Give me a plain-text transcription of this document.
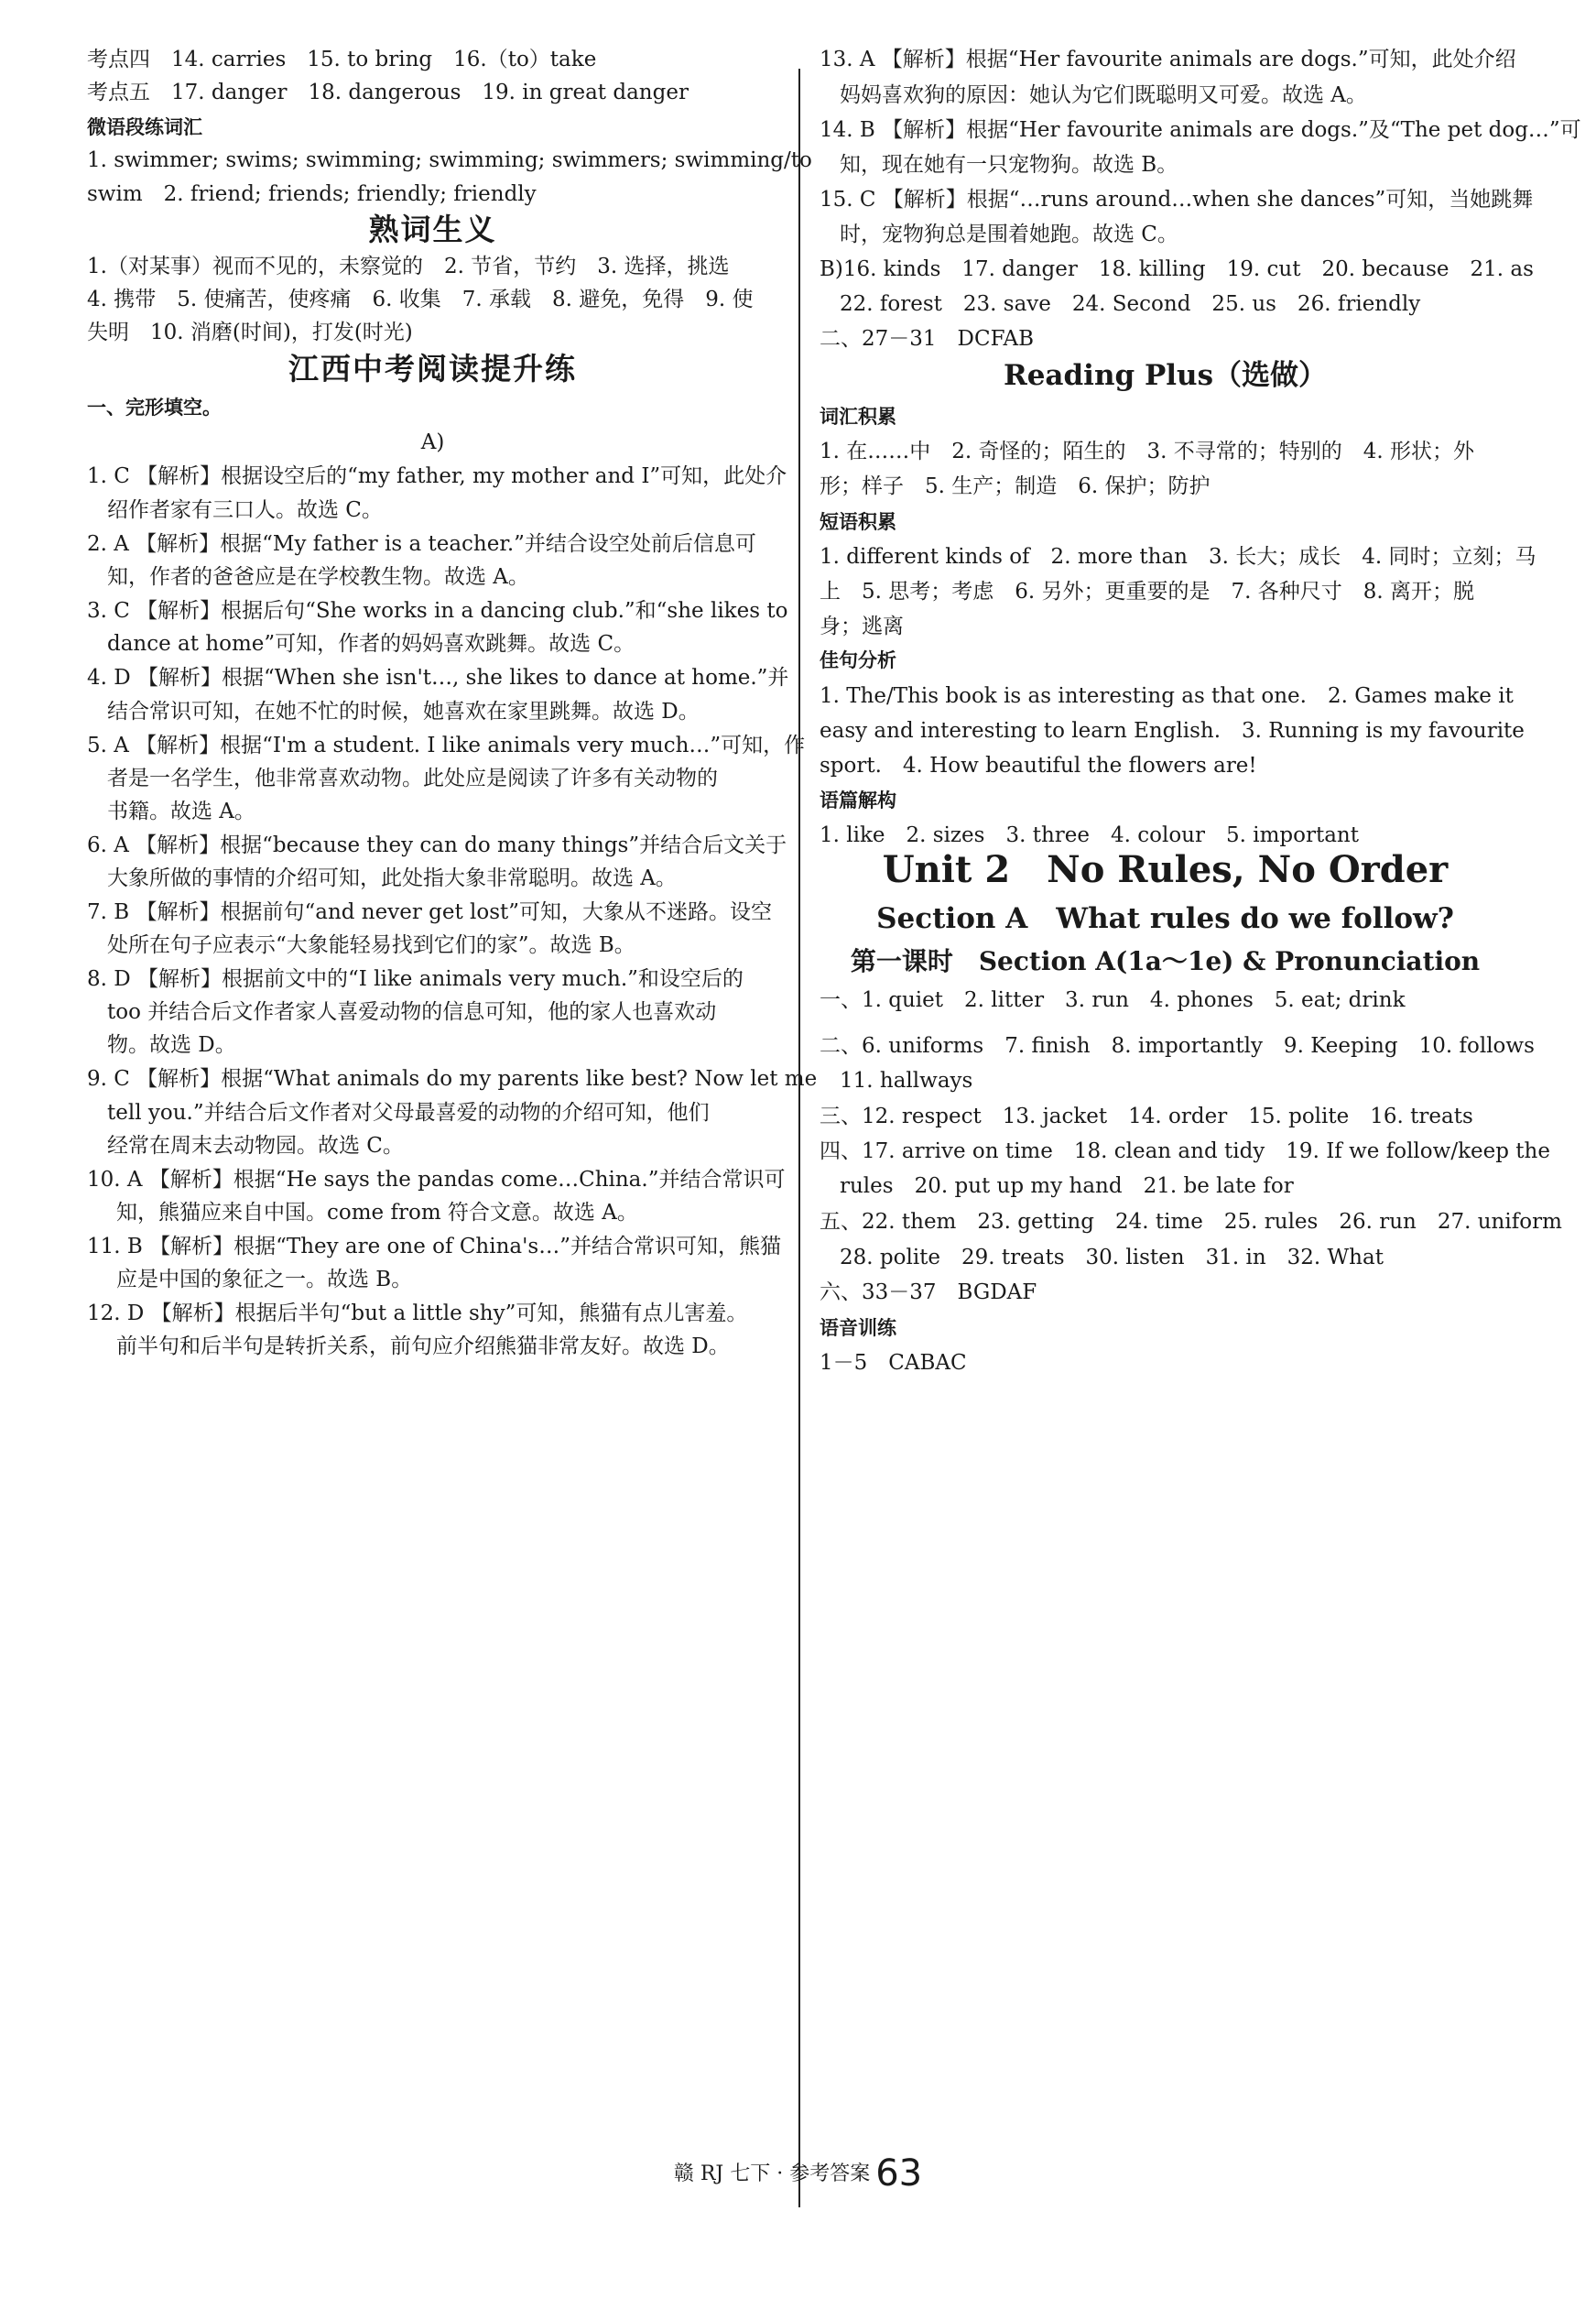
考点四　14. carries　15. to bring　16.（to）take
考点五　17. danger　18. dangerous　19. in great danger
微语段练词汇
1. swimmer; swims; swimming; swimming; swimmers; swimming/to
swim　2. friend; friends; friendly; friendly
熟词生义
1.（对某事）视而不见的，未察觉的　2. 节省，节约　3. 选择，挑选
4. 携带　5. 使痛苦，使疼痛　6. 收集　7. 承载　8. 避免，免得　9. 使
失明　10. 消磨(时间)，打发(时光)
江西中考阅读提升练
一、完形填空。
A)
1. C 【解析】根据设空后的“my father, my mother and I”可知，此处介
绍作者家有三口人。故选 C。
2. A 【解析】根据“My father is a teacher.”并结合设空处前后信息可
知，作者的爸爸应是在学校教生物。故选 A。
3. C 【解析】根据后句“She works in a dancing club.”和“she likes to
dance at home”可知，作者的妈妈喜欢跳舞。故选 C。
4. D 【解析】根据“When she isn't…, she likes to dance at home.”并
结合常识可知，在她不忙的时候，她喜欢在家里跳舞。故选 D。
5. A 【解析】根据“I'm a student. I like animals very much…”可知，作
者是一名学生，他非常喜欢动物。此处应是阅读了许多有关动物的
书籍。故选 A。
6. A 【解析】根据“because they can do many things”并结合后文关于
大象所做的事情的介绍可知，此处指大象非常聪明。故选 A。
7. B 【解析】根据前句“and never get lost”可知，大象从不迷路。设空
处所在句子应表示“大象能轻易找到它们的家”。故选 B。
8. D 【解析】根据前文中的“I like animals very much.”和设空后的
too 并结合后文作者家人喜爱动物的信息可知，他的家人也喜欢动
物。故选 D。
9. C 【解析】根据“What animals do my parents like best? Now let me
tell you.”并结合后文作者对父母最喜爱的动物的介绍可知，他们
经常在周末去动物园。故选 C。
10. A 【解析】根据“He says the pandas come…China.”并结合常识可
知，熊猫应来自中国。come from 符合文意。故选 A。
11. B 【解析】根据“They are one of China's…”并结合常识可知，熊猫
应是中国的象征之一。故选 B。
12. D 【解析】根据后半句“but a little shy”可知，熊猫有点儿害羞。
前半句和后半句是转折关系，前句应介绍熊猫非常友好。故选 D。
13. A 【解析】根据“Her favourite animals are dogs.”可知，此处介绍
妈妈喜欢狗的原因：她认为它们既聪明又可爱。故选 A。
14. B 【解析】根据“Her favourite animals are dogs.”及“The pet dog…”可
知，现在她有一只宠物狗。故选 B。
15. C 【解析】根据“…runs around…when she dances”可知，当她跳舞
时，宠物狗总是围着她跑。故选 C。
B)16. kinds　17. danger　18. killing　19. cut　20. because　21. as
22. forest　23. save　24. Second　25. us　26. friendly
二、27－31　DCFAB
Reading Plus（选做）
词汇积累
1. 在……中　2. 奇怪的；陌生的　3. 不寻常的；特别的　4. 形状；外
形；样子　5. 生产；制造　6. 保护；防护
短语积累
1. different kinds of　2. more than　3. 长大；成长　4. 同时；立刻；马
上　5. 思考；考虑　6. 另外；更重要的是　7. 各种尺寸　8. 离开；脱
身；逃离
佳句分析
1. The/This book is as interesting as that one.　2. Games make it
easy and interesting to learn English.　3. Running is my favourite
sport.　4. How beautiful the flowers are!
语篇解构
1. like　2. sizes　3. three　4. colour　5. important
Unit 2　No Rules, No Order
Section A　What rules do we follow?
第一课时　Section A(1a～1e) & Pronunciation
一、1. quiet　2. litter　3. run　4. phones　5. eat; drink
二、6. uniforms　7. finish　8. importantly　9. Keeping　10. follows
11. hallways
三、12. respect　13. jacket　14. order　15. polite　16. treats
四、17. arrive on time　18. clean and tidy　19. If we follow/keep the
rules　20. put up my hand　21. be late for
五、22. them　23. getting　24. time　25. rules　26. run　27. uniform
28. polite　29. treats　30. listen　31. in　32. What
六、33－37　BGDAF
语音训练
1－5　CABAC
赣 RJ 七下 · 参考答案 63
